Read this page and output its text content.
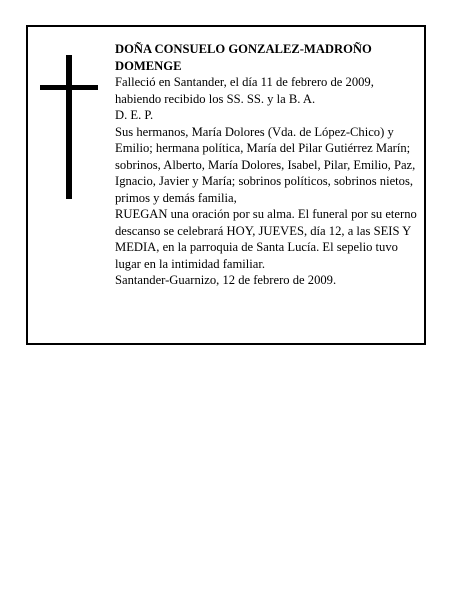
DOÑA CONSUELO GONZALEZ-MADROÑO DOMENGE

Falleció en Santander, el día 11 de febrero de 2009, habiendo recibido los SS. SS. y la B. A.

D. E. P.

Sus hermanos, María Dolores (Vda. de López-Chico) y Emilio; hermana política, María del Pilar Gutiérrez Marín; sobrinos, Alberto, María Dolores, Isabel, Pilar, Emilio, Paz, Ignacio, Javier y María; sobrinos políticos, sobrinos nietos, primos y demás familia,

RUEGAN una oración por su alma. El funeral por su eterno descanso se celebrará HOY, JUEVES, día 12, a las SEIS Y MEDIA, en la parroquia de Santa Lucía. El sepelio tuvo lugar en la intimidad familiar.

Santander-Guarnizo, 12 de febrero de 2009.
